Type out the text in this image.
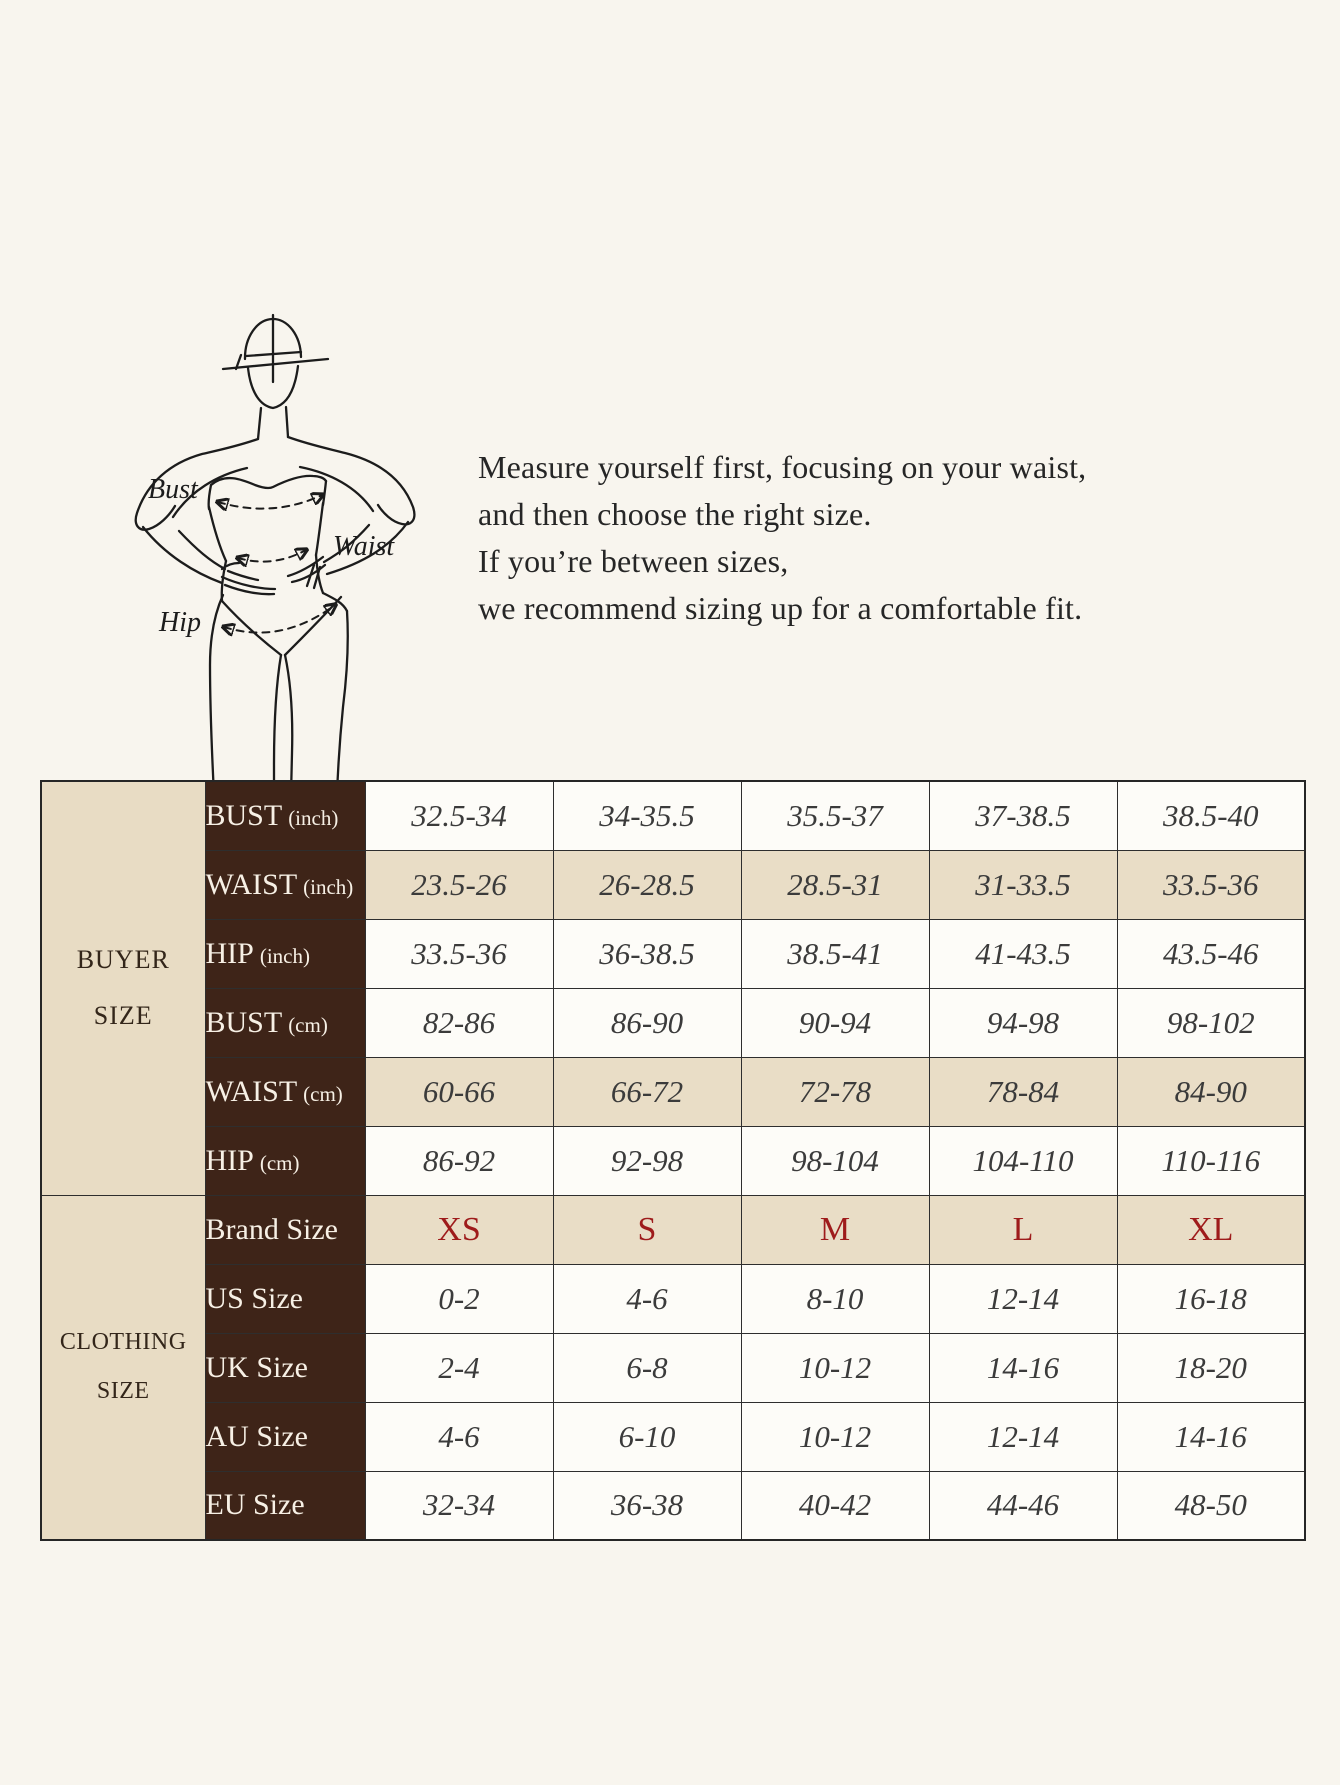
Bust
Waist
Hip
Measure yourself first, focusing on your waist,
and then choose the right size.
If you’re between sizes,
we recommend sizing up for a comfortable fit.
BUYER
SIZE	BUST (inch)	32.5-34	34-35.5	35.5-37	37-38.5	38.5-40
	WAIST (inch)	23.5-26	26-28.5	28.5-31	31-33.5	33.5-36
	HIP (inch)	33.5-36	36-38.5	38.5-41	41-43.5	43.5-46
	BUST (cm)	82-86	86-90	90-94	94-98	98-102
	WAIST (cm)	60-66	66-72	72-78	78-84	84-90
	HIP (cm)	86-92	92-98	98-104	104-110	110-116

CLOTHING
SIZE	Brand Size	XS	S	M	L	XL
	US Size	0-2	4-6	8-10	12-14	16-18
	UK Size	2-4	6-8	10-12	14-16	18-20
	AU Size	4-6	6-10	10-12	12-14	14-16
	EU Size	32-34	36-38	40-42	44-46	48-50
